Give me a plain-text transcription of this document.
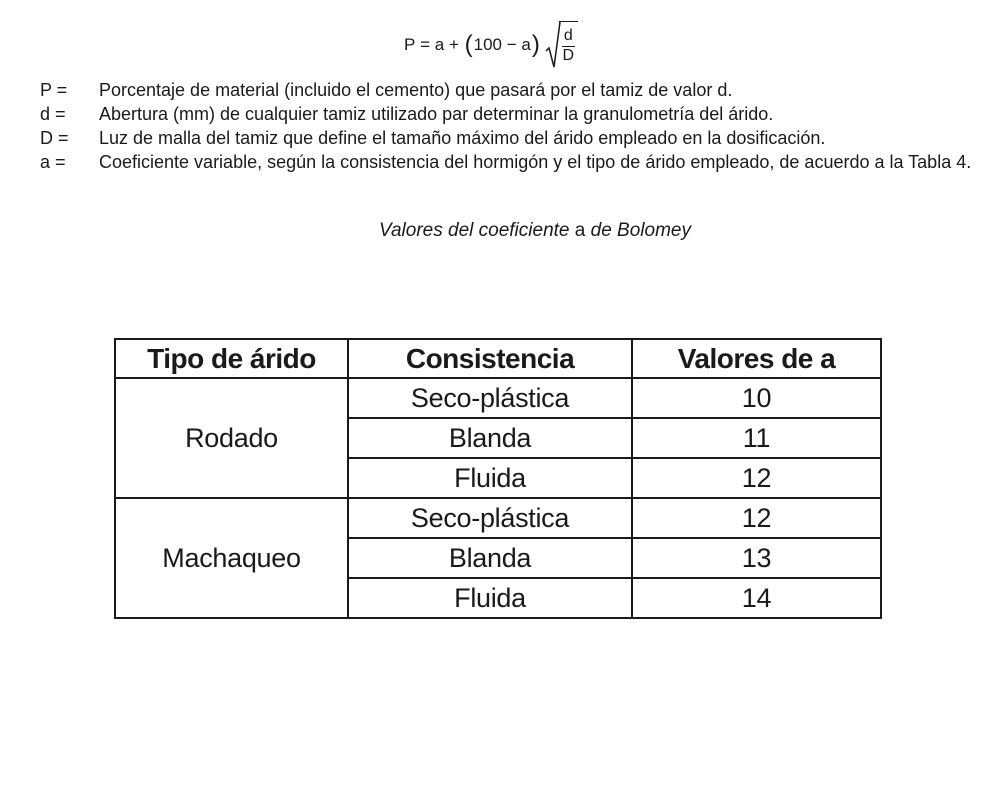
P
=
a
+
( 100 − a ) $\frac{d}{D}$
P =	Porcentaje de material (incluido el cemento) que pasará por el tamiz de valor d.
d =	Abertura (mm) de cualquier tamiz utilizado par determinar la granulometría del árido.
D =	Luz de malla del tamiz que define el tamaño máximo del árido empleado en la dosificación.
a =	Coeficiente variable, según la consistencia del hormigón y el tipo de árido empleado, de acuerdo a la Tabla 4.
Valores del coeficiente a de Bolomey
Tipo de árido	Consistencia	Valores de a
Rodado	Seco-plástica	10
	Blanda	11
	Fluida	12
Machaqueo	Seco-plástica	12
	Blanda	13
	Fluida	14
